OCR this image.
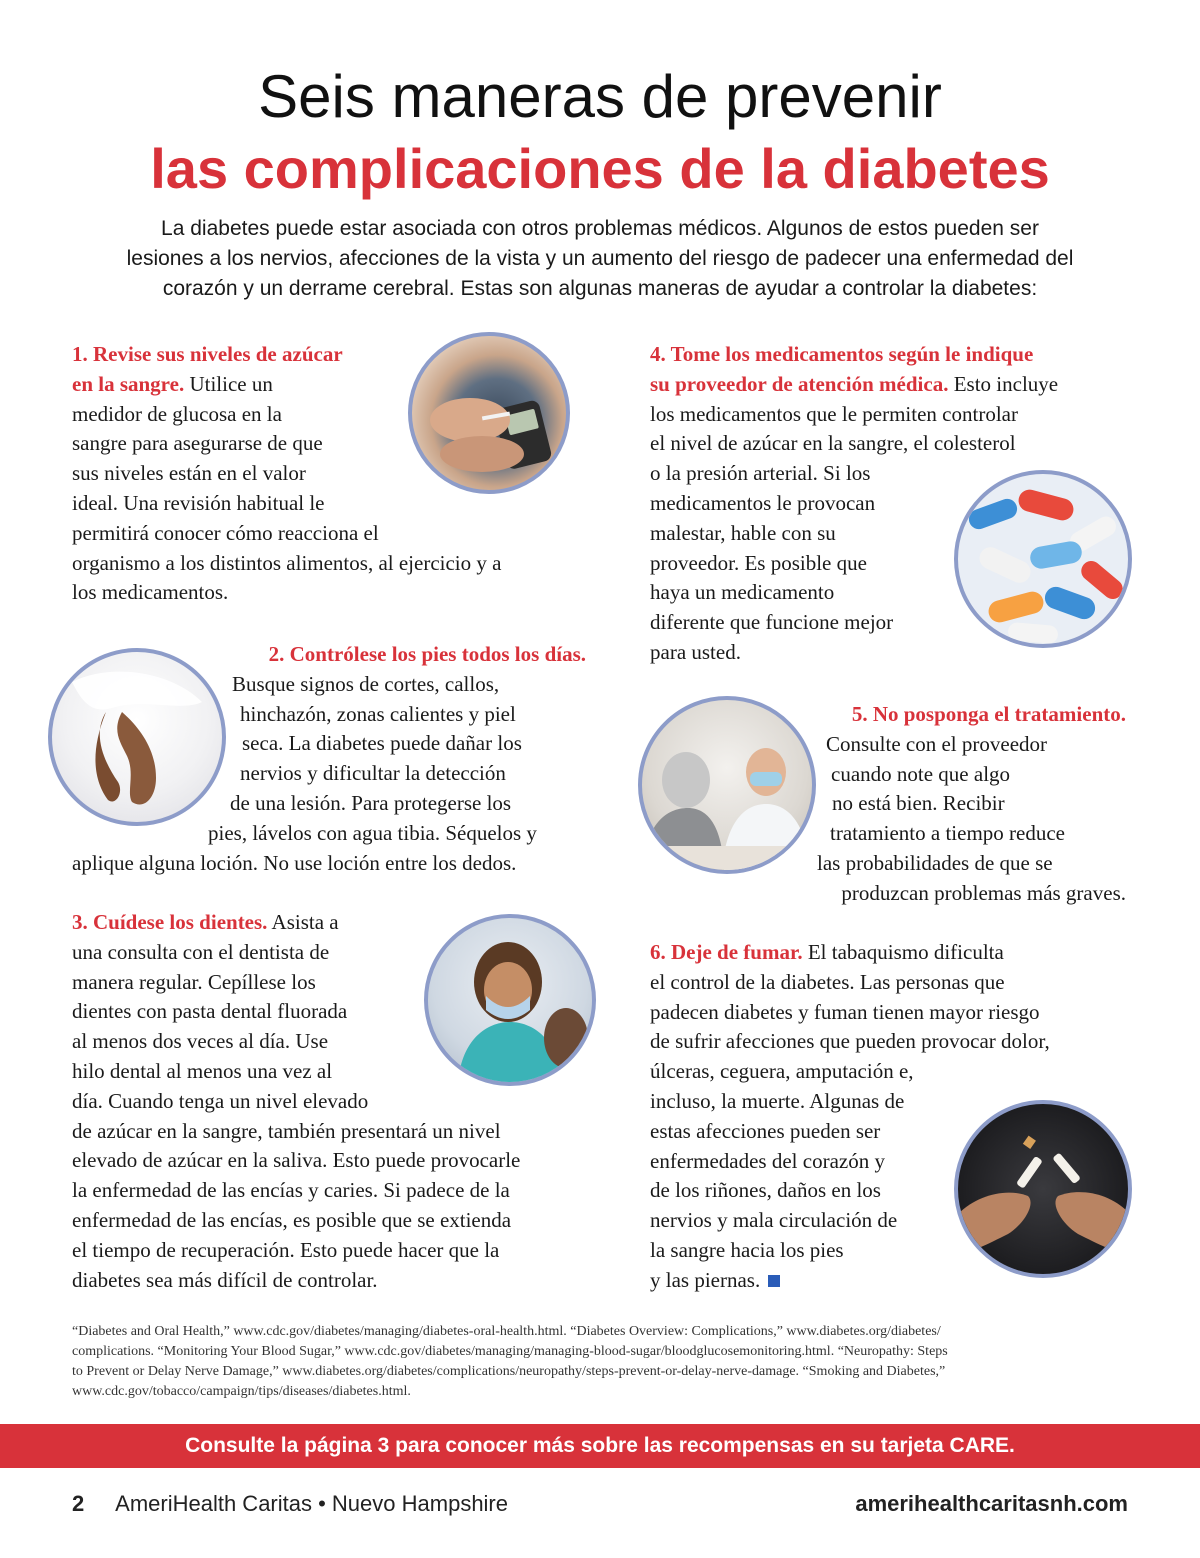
Seis maneras de prevenir
las complicaciones de la diabetes
La diabetes puede estar asociada con otros problemas médicos. Algunos de estos pueden ser
lesiones a los nervios, afecciones de la vista y un aumento del riesgo de padecer una enfermedad del
corazón y un derrame cerebral. Estas son algunas maneras de ayudar a controlar la diabetes:
1. Revise sus niveles de azúcar
en la sangre. Utilice un
medidor de glucosa en la
sangre para asegurarse de que
sus niveles están en el valor
ideal. Una revisión habitual le
permitirá conocer cómo reacciona el
organismo a los distintos alimentos, al ejercicio y a
los medicamentos.
2. Contrólese los pies todos los días.
Busque signos de cortes, callos,
hinchazón, zonas calientes y piel
seca. La diabetes puede dañar los
nervios y dificultar la detección
de una lesión. Para protegerse los
pies, lávelos con agua tibia. Séquelos y
aplique alguna loción. No use loción entre los dedos.
3. Cuídese los dientes. Asista a
una consulta con el dentista de
manera regular. Cepíllese los
dientes con pasta dental fluorada
al menos dos veces al día. Use
hilo dental al menos una vez al
día. Cuando tenga un nivel elevado
de azúcar en la sangre, también presentará un nivel
elevado de azúcar en la saliva. Esto puede provocarle
la enfermedad de las encías y caries. Si padece de la
enfermedad de las encías, es posible que se extienda
el tiempo de recuperación. Esto puede hacer que la
diabetes sea más difícil de controlar.
4. Tome los medicamentos según le indique
su proveedor de atención médica. Esto incluye
los medicamentos que le permiten controlar
el nivel de azúcar en la sangre, el colesterol
o la presión arterial. Si los
medicamentos le provocan
malestar, hable con su
proveedor. Es posible que
haya un medicamento
diferente que funcione mejor
para usted.
5. No posponga el tratamiento.
Consulte con el proveedor
cuando note que algo
no está bien. Recibir
tratamiento a tiempo reduce
las probabilidades de que se
produzcan problemas más graves.
6. Deje de fumar. El tabaquismo dificulta
el control de la diabetes. Las personas que
padecen diabetes y fuman tienen mayor riesgo
de sufrir afecciones que pueden provocar dolor,
úlceras, ceguera, amputación e,
incluso, la muerte. Algunas de
estas afecciones pueden ser
enfermedades del corazón y
de los riñones, daños en los
nervios y mala circulación de
la sangre hacia los pies
y las piernas.
“Diabetes and Oral Health,” www.cdc.gov/diabetes/managing/diabetes-oral-health.html. “Diabetes Overview: Complications,” www.diabetes.org/diabetes/
complications. “Monitoring Your Blood Sugar,” www.cdc.gov/diabetes/managing/managing-blood-sugar/bloodglucosemonitoring.html. “Neuropathy: Steps
to Prevent or Delay Nerve Damage,” www.diabetes.org/diabetes/complications/neuropathy/steps-prevent-or-delay-nerve-damage. “Smoking and Diabetes,”
www.cdc.gov/tobacco/campaign/tips/diseases/diabetes.html.
Consulte la página 3 para conocer más sobre las recompensas en su tarjeta CARE.
2 AmeriHealth Caritas • Nuevo Hampshire	amerihealthcaritasnh.com
